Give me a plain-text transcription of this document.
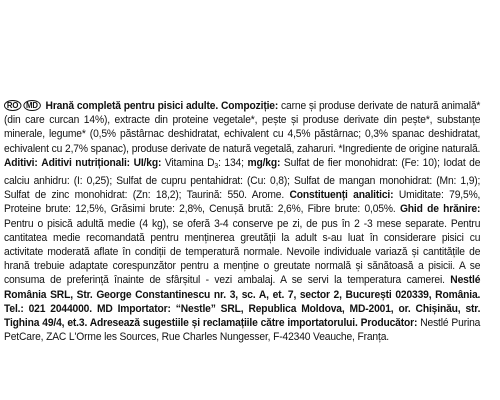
RO MD Hrană completă pentru pisici adulte. Compoziție: carne și produse derivate de natură animală* (din care curcan 14%), extracte din proteine vegetale*, pește și produse derivate din pește*, substanțe minerale, legume* (0,5% păstârnac deshidratat, echivalent cu 4,5% păstârnac; 0,3% spanac deshidratat, echivalent cu 2,7% spanac), produse derivate de natură vegetală, zaharuri. *Ingrediente de origine naturală. Aditivi: Aditivi nutriționali: UI/kg: Vitamina $D_3$: 134; mg/kg: Sulfat de fier monohidrat: (Fe: 10); Iodat de calciu anhidru: (I: 0,25); Sulfat de cupru pentahidrat: (Cu: 0,8); Sulfat de mangan monohidrat: (Mn: 1,9); Sulfat de zinc monohidrat: (Zn: 18,2); Taurină: 550. Arome. Constituenți analitici: Umiditate: 79,5%, Proteine brute: 12,5%, Grăsimi brute: 2,8%, Cenușă brută: 2,6%, Fibre brute: 0,05%. Ghid de hrănire: Pentru o pisică adultă medie (4 kg), se oferă 3-4 conserve pe zi, de pus în 2 -3 mese separate. Pentru cantitatea medie recomandată pentru menținerea greutății la adult s-au luat în considerare pisici cu activitate moderată aflate în condiții de temperatură normale. Nevoile individuale variază și cantitățile de hrană trebuie adaptate corespunzător pentru a menține o greutate normală și sănătoasă a pisicii. A se consuma de preferință înainte de sfârșitul - vezi ambalaj. A se servi la temperatura camerei. Nestlé România SRL, Str. George Constantinescu nr. 3, sc. A, et. 7, sector 2, București 020339, România. Tel.: 021 2044000. MD Importator: “Nestle” SRL, Republica Moldova, MD-2001, or. Chișinău, str. Tighina 49/4, et.3. Adresează sugestiile și reclamațiile către importatorului. Producător: Nestlé Purina PetCare, ZAC L'Orme les Sources, Rue Charles Nungesser, F-42340 Veauche, Franța.
